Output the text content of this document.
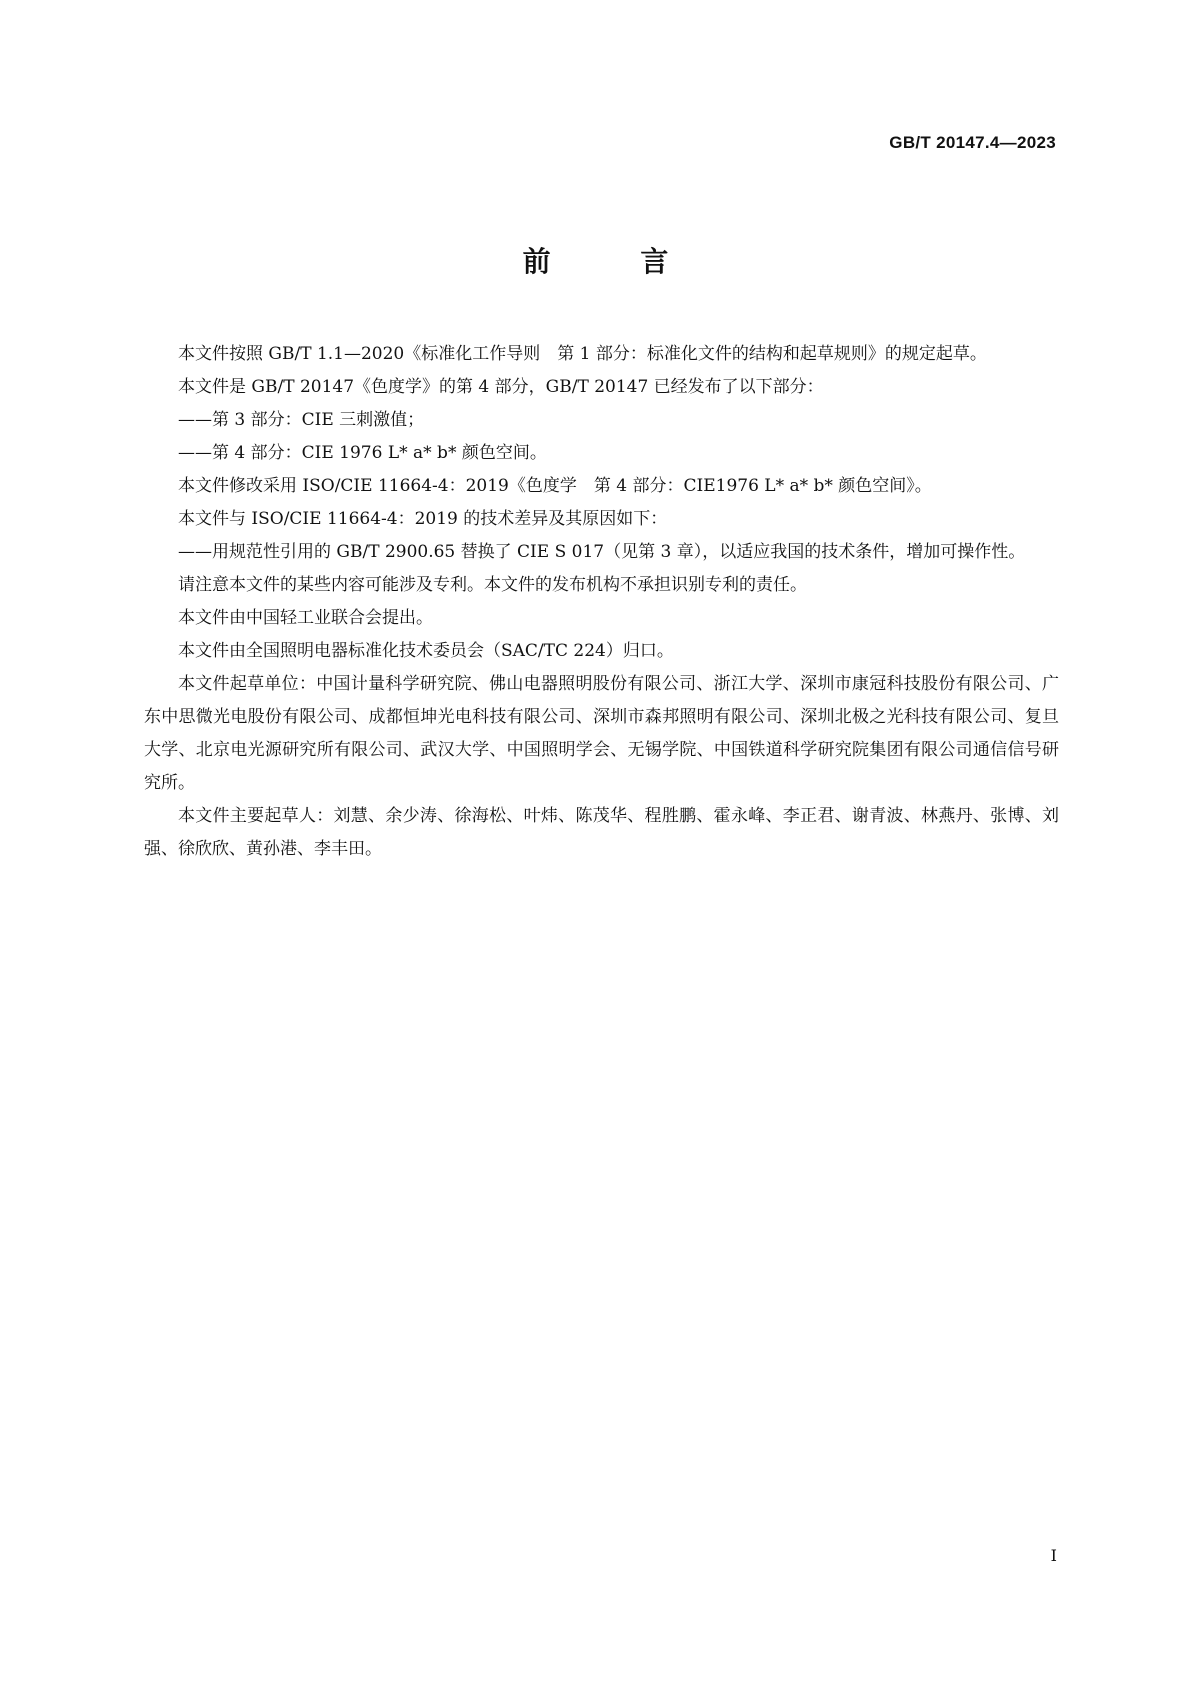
GB/T 20147.4—2023
前 言

本文件按照 GB/T 1.1—2020《标准化工作导则　第 1 部分：标准化文件的结构和起草规则》的规定起草。

本文件是 GB/T 20147《色度学》的第 4 部分，GB/T 20147 已经发布了以下部分：

——第 3 部分：CIE 三刺激值；

——第 4 部分：CIE 1976 L* a* b* 颜色空间。

本文件修改采用 ISO/CIE 11664-4：2019《色度学　第 4 部分：CIE1976 L* a* b* 颜色空间》。

本文件与 ISO/CIE 11664-4：2019 的技术差异及其原因如下：

——用规范性引用的 GB/T 2900.65 替换了 CIE S 017（见第 3 章），以适应我国的技术条件，增加可操作性。

请注意本文件的某些内容可能涉及专利。本文件的发布机构不承担识别专利的责任。

本文件由中国轻工业联合会提出。

本文件由全国照明电器标准化技术委员会（SAC/TC 224）归口。

本文件起草单位：中国计量科学研究院、佛山电器照明股份有限公司、浙江大学、深圳市康冠科技股份有限公司、广东中思微光电股份有限公司、成都恒坤光电科技有限公司、深圳市森邦照明有限公司、深圳北极之光科技有限公司、复旦大学、北京电光源研究所有限公司、武汉大学、中国照明学会、无锡学院、中国铁道科学研究院集团有限公司通信信号研究所。

本文件主要起草人：刘慧、余少涛、徐海松、叶炜、陈茂华、程胜鹏、霍永峰、李正君、谢青波、林燕丹、张博、刘强、徐欣欣、黄孙港、李丰田。

I
